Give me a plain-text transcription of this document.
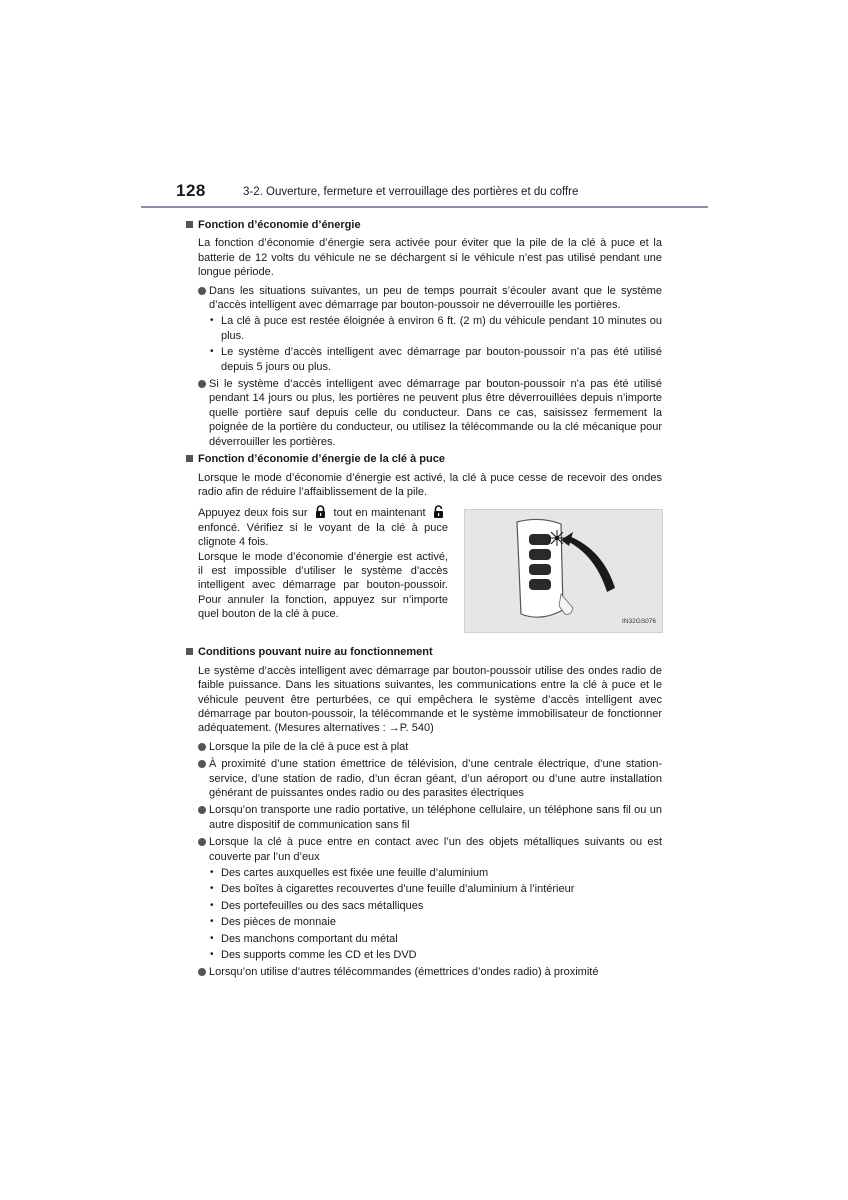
128	3-2. Ouverture, fermeture et verrouillage des portières et du coffre
Fonction d’économie d’énergie

La fonction d’économie d’énergie sera activée pour éviter que la pile de la clé à puce et la batterie de 12 volts du véhicule ne se déchargent si le véhicule n’est pas utilisé pendant une longue période.

Dans les situations suivantes, un peu de temps pourrait s’écouler avant que le système d’accès intelligent avec démarrage par bouton-poussoir ne déverrouille les portières.
• La clé à puce est restée éloignée à environ 6 ft. (2 m) du véhicule pendant 10 minutes ou plus.
• Le système d’accès intelligent avec démarrage par bouton-poussoir n’a pas été utilisé depuis 5 jours ou plus.
Si le système d’accès intelligent avec démarrage par bouton-poussoir n’a pas été utilisé pendant 14 jours ou plus, les portières ne peuvent plus être déverrouillées depuis n’importe quelle portière sauf depuis celle du conducteur. Dans ce cas, saisissez fermement la poignée de la portière du conducteur, ou utilisez la télécommande ou la clé mécanique pour déverrouiller les portières.
Fonction d’économie d’énergie de la clé à puce

Lorsque le mode d’économie d’énergie est activé, la clé à puce cesse de recevoir des ondes radio afin de réduire l’affaiblissement de la pile.

Appuyez deux fois sur tout en maintenant  enfoncé. Vérifiez si le voyant de la clé à puce clignote 4 fois.
Lorsque le mode d’économie d’énergie est activé, il est impossible d’utiliser le système d’accès intelligent avec démarrage par bouton-poussoir. Pour annuler la fonction, appuyez sur n’importe quel bouton de la clé à puce.
IN32GS076
Conditions pouvant nuire au fonctionnement

Le système d’accès intelligent avec démarrage par bouton-poussoir utilise des ondes radio de faible puissance. Dans les situations suivantes, les communications entre la clé à puce et le véhicule peuvent être perturbées, ce qui empêchera le système d’accès intelligent avec démarrage par bouton-poussoir, la télécommande et le système immobilisateur de fonctionner adéquatement. (Mesures alternatives : →P. 540)

Lorsque la pile de la clé à puce est à plat
À proximité d’une station émettrice de télévision, d’une centrale électrique, d’une station-service, d’une station de radio, d’un écran géant, d’un aéroport ou d’une autre installation générant de puissantes ondes radio ou des parasites électriques
Lorsqu’on transporte une radio portative, un téléphone cellulaire, un téléphone sans fil ou un autre dispositif de communication sans fil
Lorsque la clé à puce entre en contact avec l’un des objets métalliques suivants ou est couverte par l’un d’eux
• Des cartes auxquelles est fixée une feuille d’aluminium
• Des boîtes à cigarettes recouvertes d’une feuille d’aluminium à l’intérieur
• Des portefeuilles ou des sacs métalliques
• Des pièces de monnaie
• Des manchons comportant du métal
• Des supports comme les CD et les DVD
Lorsqu’on utilise d’autres télécommandes (émettrices d’ondes radio) à proximité
